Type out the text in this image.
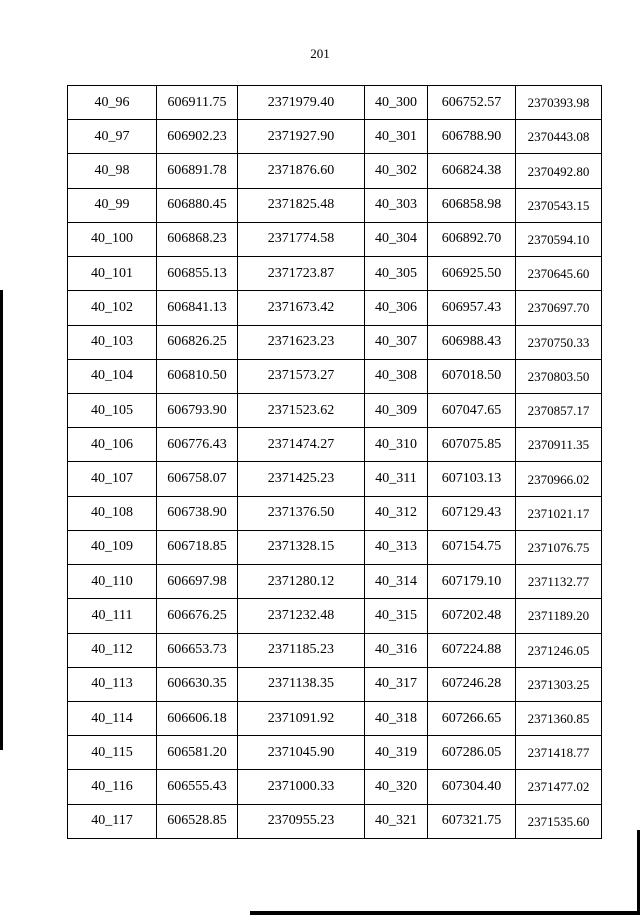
201
40_96	606911.75	2371979.40	40_300	606752.57	2370393.98
40_97	606902.23	2371927.90	40_301	606788.90	2370443.08
40_98	606891.78	2371876.60	40_302	606824.38	2370492.80
40_99	606880.45	2371825.48	40_303	606858.98	2370543.15
40_100	606868.23	2371774.58	40_304	606892.70	2370594.10
40_101	606855.13	2371723.87	40_305	606925.50	2370645.60
40_102	606841.13	2371673.42	40_306	606957.43	2370697.70
40_103	606826.25	2371623.23	40_307	606988.43	2370750.33
40_104	606810.50	2371573.27	40_308	607018.50	2370803.50
40_105	606793.90	2371523.62	40_309	607047.65	2370857.17
40_106	606776.43	2371474.27	40_310	607075.85	2370911.35
40_107	606758.07	2371425.23	40_311	607103.13	2370966.02
40_108	606738.90	2371376.50	40_312	607129.43	2371021.17
40_109	606718.85	2371328.15	40_313	607154.75	2371076.75
40_110	606697.98	2371280.12	40_314	607179.10	2371132.77
40_111	606676.25	2371232.48	40_315	607202.48	2371189.20
40_112	606653.73	2371185.23	40_316	607224.88	2371246.05
40_113	606630.35	2371138.35	40_317	607246.28	2371303.25
40_114	606606.18	2371091.92	40_318	607266.65	2371360.85
40_115	606581.20	2371045.90	40_319	607286.05	2371418.77
40_116	606555.43	2371000.33	40_320	607304.40	2371477.02
40_117	606528.85	2370955.23	40_321	607321.75	2371535.60
